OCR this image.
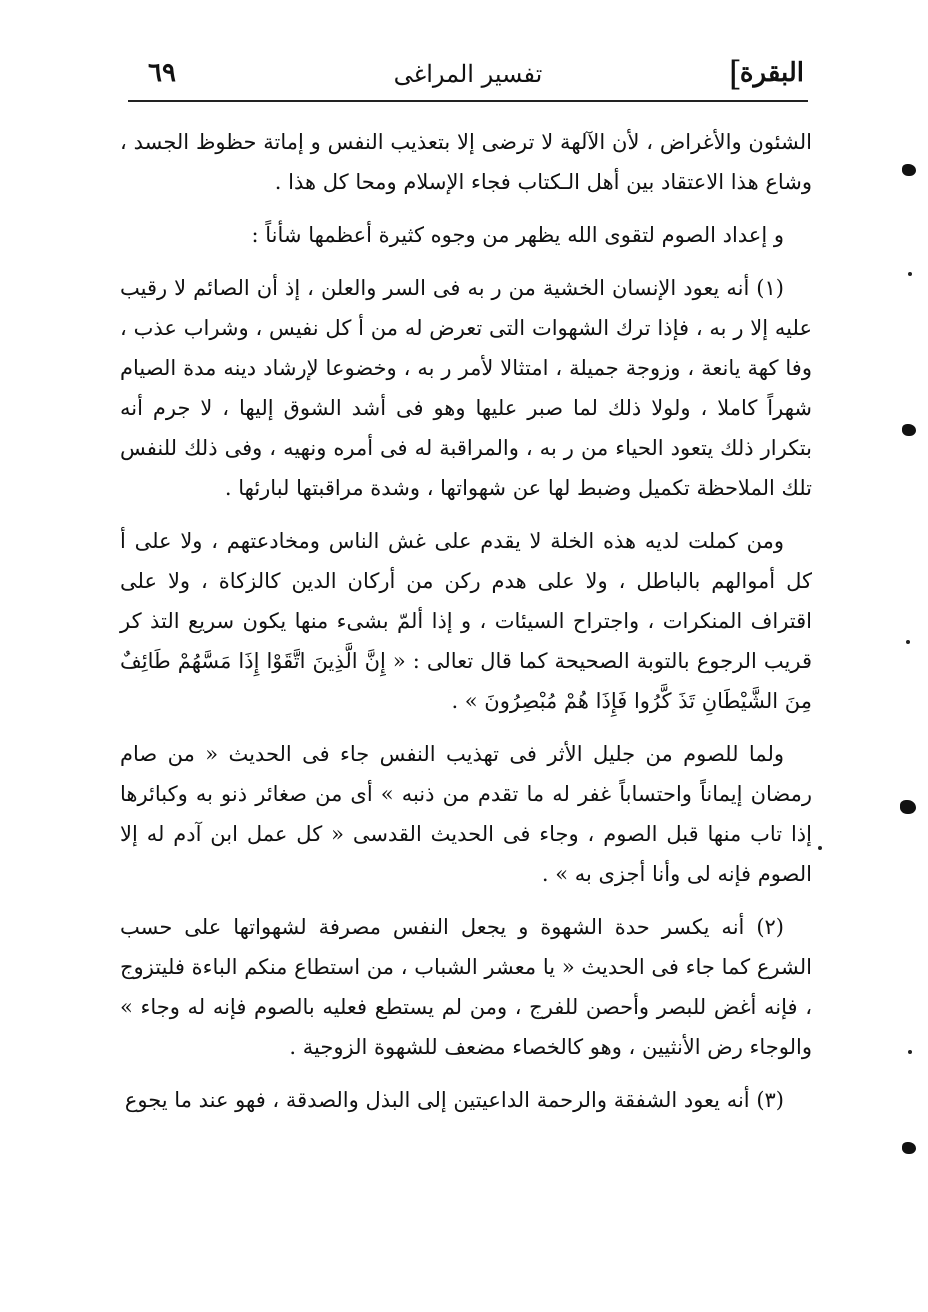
البقرة
]
تفسير المراغى
٦٩

الشئون والأغراض ، لأن الآلهة لا ترضى إلا بتعذيب النفس و إماتة حظوظ الجسد ، وشاع هذا الاعتقاد بين أهل الـكتاب فجاء الإسلام ومحا كل هذا .

و إعداد الصوم لتقوى الله يظهر من وجوه كثيرة أعظمها شأناً :

(١) أنه يعود الإنسان الخشية من ر به فى السر والعلن ، إذ أن الصائم لا رقيب عليه إلا ر به ، فإذا ترك الشهوات التى تعرض له من أ كل نفيس ، وشراب عذب ، وفا كهة يانعة ، وزوجة جميلة ، امتثالا لأمر ر به ، وخضوعا لإرشاد دينه مدة الصيام شهراً كاملا ، ولولا ذلك لما صبر عليها وهو فى أشد الشوق إليها ، لا جرم أنه بتكرار ذلك يتعود الحياء من ر به ، والمراقبة له فى أمره ونهيه ، وفى ذلك للنفس تلك الملاحظة تكميل وضبط لها عن شهواتها ، وشدة مراقبتها لبارئها .

ومن كملت لديه هذه الخلة لا يقدم على غش الناس ومخادعتهم ، ولا على أ كل أموالهم بالباطل ، ولا على هدم ركن من أركان الدين كالزكاة ، ولا على اقتراف المنكرات ، واجتراح السيئات ، و إذا ألمّ بشىء منها يكون سريع التذ كر قريب الرجوع بالتوبة الصحيحة كما قال تعالى : « إِنَّ الَّذِينَ اتَّقَوْا إِذَا مَسَّهُمْ طَائِفٌ مِنَ الشَّيْطَانِ تَذَ كَّرُوا فَإِذَا هُمْ مُبْصِرُونَ » .

ولما للصوم من جليل الأثر فى تهذيب النفس جاء فى الحديث « من صام رمضان إيماناً واحتساباً غفر له ما تقدم من ذنبه » أى من صغائر ذنو به وكبائرها إذا تاب منها قبل الصوم ، وجاء فى الحديث القدسى « كل عمل ابن آدم له إلا الصوم فإنه لى وأنا أجزى به » .

(٢) أنه يكسر حدة الشهوة و يجعل النفس مصرفة لشهواتها على حسب الشرع كما جاء فى الحديث « يا معشر الشباب ، من استطاع منكم الباءة فليتزوج ، فإنه أغض للبصر وأحصن للفرج ، ومن لم يستطع فعليه بالصوم فإنه له وجاء » والوجاء رض الأنثيين ، وهو كالخصاء مضعف للشهوة الزوجية .

(٣) أنه يعود الشفقة والرحمة الداعيتين إلى البذل والصدقة ، فهو عند ما يجوع
